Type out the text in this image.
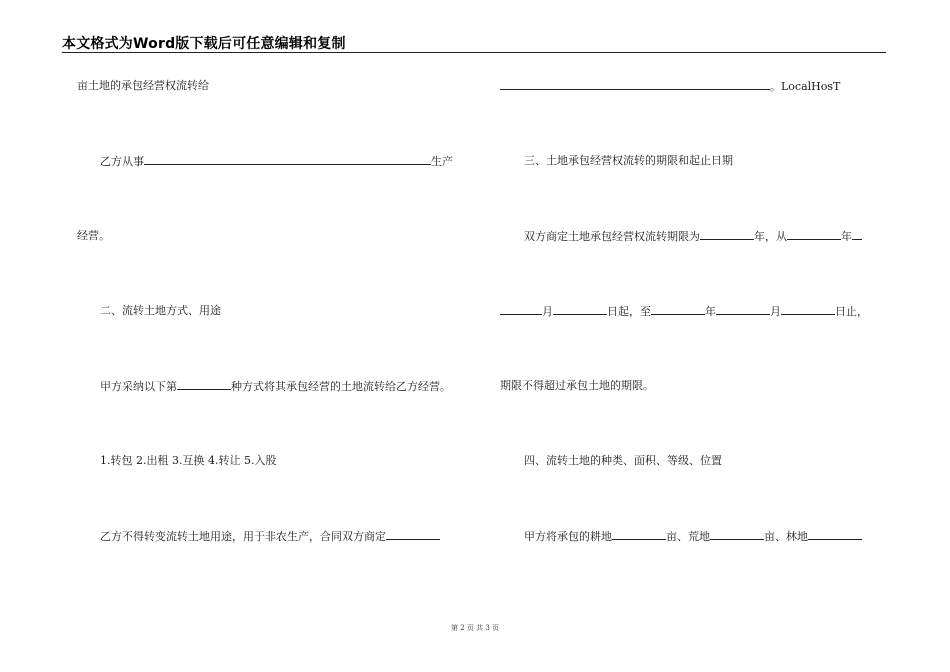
本文格式为Word版下载后可任意编辑和复制
亩土地的承包经营权流转给
乙方从事	生产
经营。
二、流转土地方式、用途
甲方采纳以下第	种方式将其承包经营的土地流转给乙方经营。
1.转包 2.出租 3.互换 4.转让 5.入股
乙方不得转变流转土地用途，用于非农生产，合同双方商定
。LocalHosT
三、土地承包经营权流转的期限和起止日期
双方商定土地承包经营权流转期限为	年，从	年
月	日起，至	年	月	日止，
期限不得超过承包土地的期限。
四、流转土地的种类、面积、等级、位置
甲方将承包的耕地	亩、荒地	亩、林地
第 2 页 共 3 页
